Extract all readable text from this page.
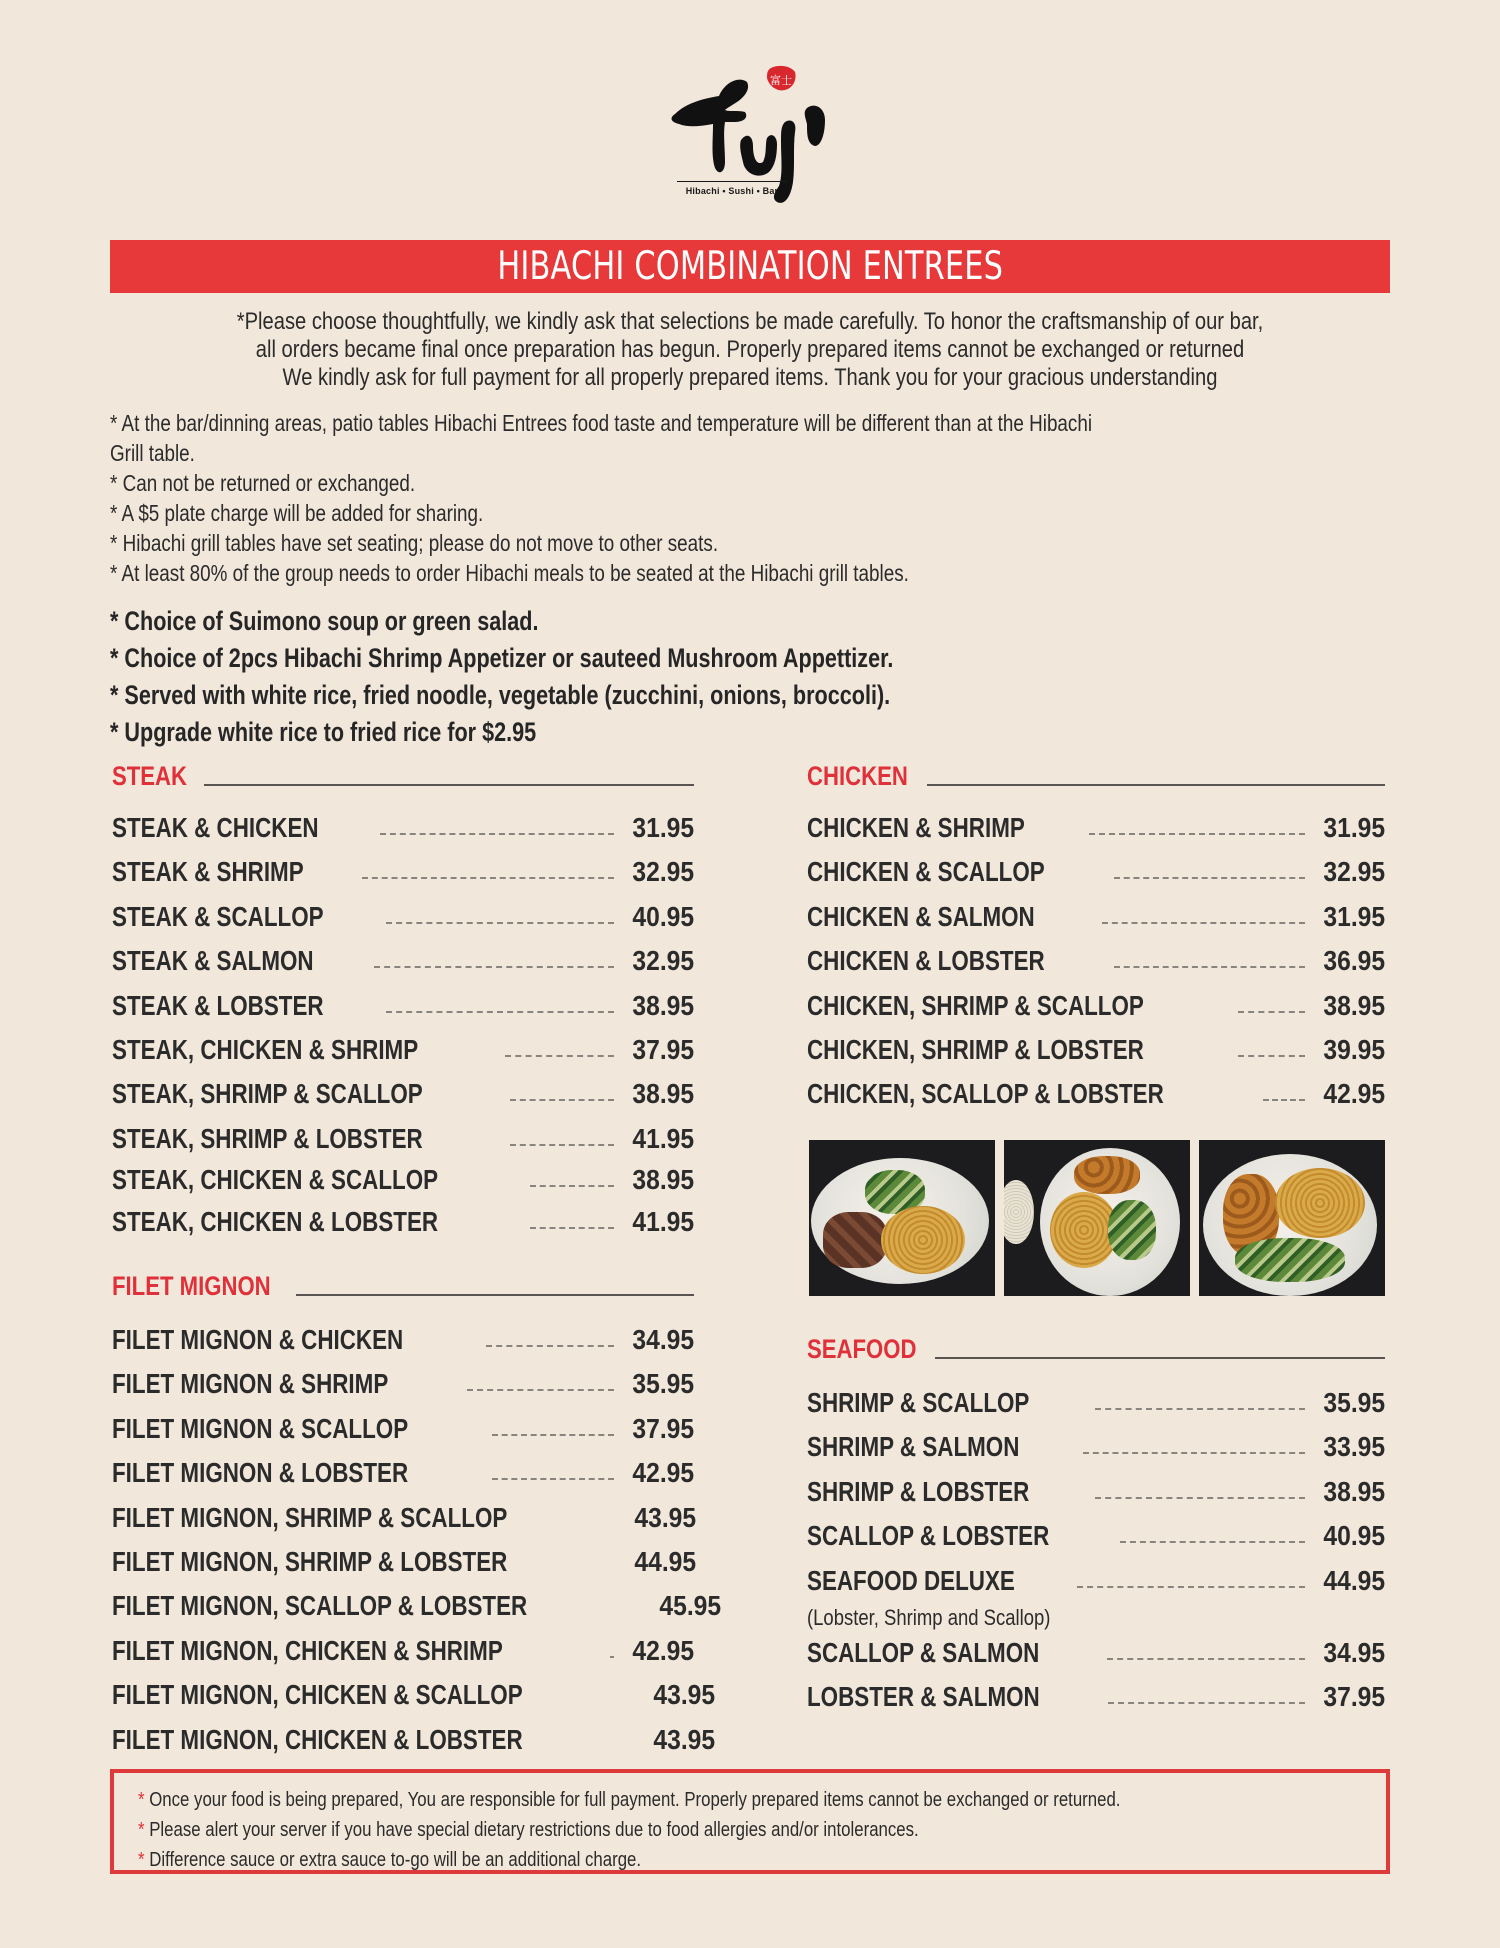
富士
Hibachi • Sushi • Bar
HIBACHI COMBINATION ENTREES

*Please choose thoughtfully, we kindly ask that selections be made carefully. To honor the craftsmanship of our bar,

all orders became final once preparation has begun. Properly prepared items cannot be exchanged or returned

We kindly ask for full payment for all properly prepared items. Thank you for your gracious understanding

* At the bar/dinning areas, patio tables Hibachi Entrees food taste and temperature will be different than at the Hibachi

Grill table.

* Can not be returned or exchanged.

* A $5 plate charge will be added for sharing.

* Hibachi grill tables have set seating; please do not move to other seats.

* At least 80% of the group needs to order Hibachi meals to be seated at the Hibachi grill tables.

* Choice of Suimono soup or green salad.

* Choice of 2pcs Hibachi Shrimp Appetizer or sauteed Mushroom Appettizer.

* Served with white rice, fried noodle, vegetable (zucchini, onions, broccoli).

* Upgrade white rice to fried rice for $2.95

STEAK
STEAK & CHICKEN	31.95
STEAK & SHRIMP	32.95
STEAK & SCALLOP	40.95
STEAK & SALMON	32.95
STEAK & LOBSTER	38.95
STEAK, CHICKEN & SHRIMP	37.95
STEAK, SHRIMP & SCALLOP	38.95
STEAK, SHRIMP & LOBSTER	41.95
STEAK, CHICKEN & SCALLOP	38.95
STEAK, CHICKEN & LOBSTER	41.95
FILET MIGNON
FILET MIGNON & CHICKEN	34.95
FILET MIGNON & SHRIMP	35.95
FILET MIGNON & SCALLOP	37.95
FILET MIGNON & LOBSTER	42.95
FILET MIGNON, SHRIMP & SCALLOP	43.95
FILET MIGNON, SHRIMP & LOBSTER	44.95
FILET MIGNON, SCALLOP & LOBSTER	45.95
FILET MIGNON, CHICKEN & SHRIMP	42.95
FILET MIGNON, CHICKEN & SCALLOP	43.95
FILET MIGNON, CHICKEN & LOBSTER	43.95
CHICKEN
CHICKEN & SHRIMP	31.95
CHICKEN & SCALLOP	32.95
CHICKEN & SALMON	31.95
CHICKEN & LOBSTER	36.95
CHICKEN, SHRIMP & SCALLOP	38.95
CHICKEN, SHRIMP & LOBSTER	39.95
CHICKEN, SCALLOP & LOBSTER	42.95
SEAFOOD
SHRIMP & SCALLOP	35.95
SHRIMP & SALMON	33.95
SHRIMP & LOBSTER	38.95
SCALLOP & LOBSTER	40.95
SEAFOOD DELUXE	44.95
(Lobster, Shrimp and Scallop)
SCALLOP & SALMON	34.95
LOBSTER & SALMON	37.95

* Once your food is being prepared, You are responsible for full payment. Properly prepared items cannot be exchanged or returned.

* Please alert your server if you have special dietary restrictions due to food allergies and/or intolerances.

* Difference sauce or extra sauce to-go will be an additional charge.
